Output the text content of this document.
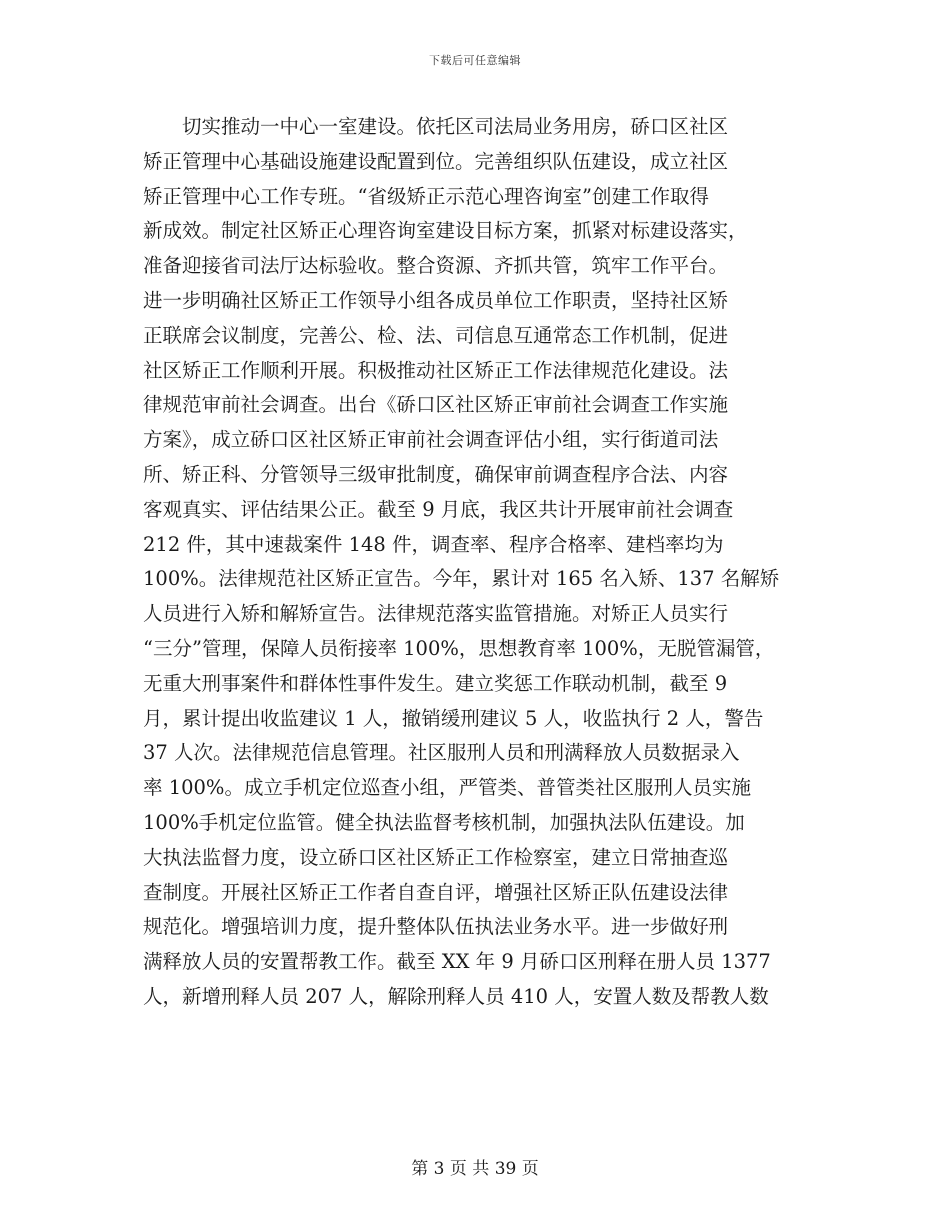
下载后可任意编辑
　　切实推动一中心一室建设。依托区司法局业务用房，硚口区社区
矫正管理中心基础设施建设配置到位。完善组织队伍建设，成立社区
矫正管理中心工作专班。“省级矫正示范心理咨询室”创建工作取得
新成效。制定社区矫正心理咨询室建设目标方案，抓紧对标建设落实，
准备迎接省司法厅达标验收。整合资源、齐抓共管，筑牢工作平台。
进一步明确社区矫正工作领导小组各成员单位工作职责，坚持社区矫
正联席会议制度，完善公、检、法、司信息互通常态工作机制，促进
社区矫正工作顺利开展。积极推动社区矫正工作法律规范化建设。法
律规范审前社会调查。出台《硚口区社区矫正审前社会调查工作实施
方案》，成立硚口区社区矫正审前社会调查评估小组，实行街道司法
所、矫正科、分管领导三级审批制度，确保审前调查程序合法、内容
客观真实、评估结果公正。截至 9 月底，我区共计开展审前社会调查
212 件，其中速裁案件 148 件，调查率、程序合格率、建档率均为
100%。法律规范社区矫正宣告。今年，累计对 165 名入矫、137 名解矫
人员进行入矫和解矫宣告。法律规范落实监管措施。对矫正人员实行
“三分”管理，保障人员衔接率 100%，思想教育率 100%，无脱管漏管，
无重大刑事案件和群体性事件发生。建立奖惩工作联动机制，截至 9
月，累计提出收监建议 1 人，撤销缓刑建议 5 人，收监执行 2 人，警告
37 人次。法律规范信息管理。社区服刑人员和刑满释放人员数据录入
率 100%。成立手机定位巡查小组，严管类、普管类社区服刑人员实施
100%手机定位监管。健全执法监督考核机制，加强执法队伍建设。加
大执法监督力度，设立硚口区社区矫正工作检察室，建立日常抽查巡
查制度。开展社区矫正工作者自查自评，增强社区矫正队伍建设法律
规范化。增强培训力度，提升整体队伍执法业务水平。进一步做好刑
满释放人员的安置帮教工作。截至 XX 年 9 月硚口区刑释在册人员 1377
人，新增刑释人员 207 人，解除刑释人员 410 人，安置人数及帮教人数
第 3 页 共 39 页
